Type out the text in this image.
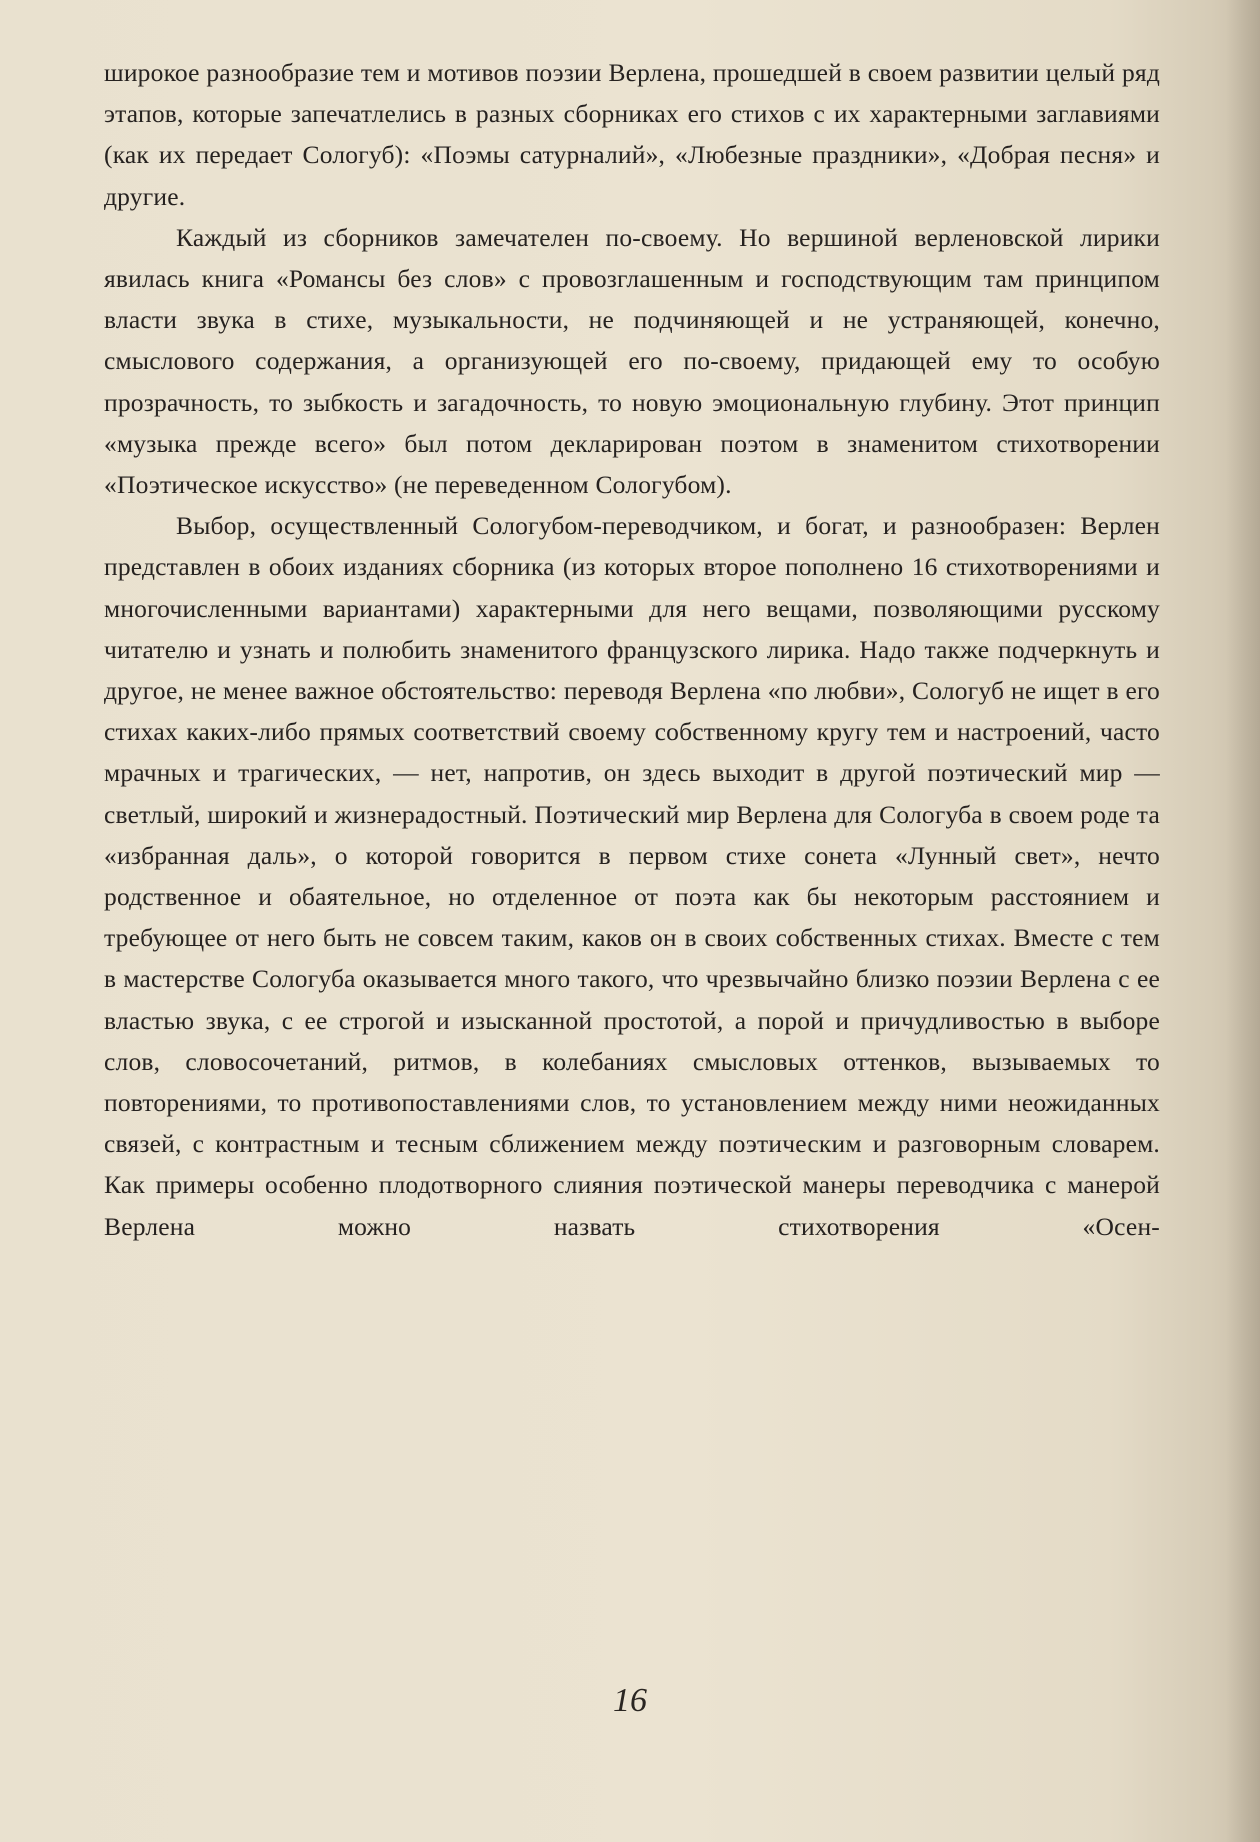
широкое разнообразие тем и мотивов поэзии Верлена, прошедшей в своем развитии целый ряд этапов, которые запечатлелись в разных сборниках его стихов с их характерными заглавиями (как их передает Сологуб): «Поэмы сатурналий», «Любезные праздники», «Добрая песня» и другие.

Каждый из сборников замечателен по-своему. Но вершиной верленовской лирики явилась книга «Романсы без слов» с провозглашенным и господствующим там принципом власти звука в стихе, музыкальности, не подчиняющей и не устраняющей, конечно, смыслового содержания, а организующей его по-своему, придающей ему то особую прозрачность, то зыбкость и загадочность, то новую эмоциональную глубину. Этот принцип «музыка прежде всего» был потом декларирован поэтом в знаменитом стихотворении «Поэтическое искусство» (не переведенном Сологубом).

Выбор, осуществленный Сологубом-переводчиком, и богат, и разнообразен: Верлен представлен в обоих изданиях сборника (из которых второе пополнено 16 стихотворениями и многочисленными вариантами) характерными для него вещами, позволяющими русскому читателю и узнать и полюбить знаменитого французского лирика. Надо также подчеркнуть и другое, не менее важное обстоятельство: переводя Верлена «по любви», Сологуб не ищет в его стихах каких-либо прямых соответствий своему собственному кругу тем и настроений, часто мрачных и трагических, — нет, напротив, он здесь выходит в другой поэтический мир — светлый, широкий и жизнерадостный. Поэтический мир Верлена для Сологуба в своем роде та «избранная даль», о которой говорится в первом стихе сонета «Лунный свет», нечто родственное и обаятельное, но отделенное от поэта как бы некоторым расстоянием и требующее от него быть не совсем таким, каков он в своих собственных стихах. Вместе с тем в мастерстве Сологуба оказывается много такого, что чрезвычайно близко поэзии Верлена с ее властью звука, с ее строгой и изысканной простотой, а порой и причудливостью в выборе слов, словосочетаний, ритмов, в колебаниях смысловых оттенков, вызываемых то повторениями, то противопоставлениями слов, то установлением между ними неожиданных связей, с контрастным и тесным сближением между поэтическим и разговорным словарем. Как примеры особенно плодотворного слияния поэтической манеры переводчика с манерой Верлена можно назвать стихотворения «Осен-

16
